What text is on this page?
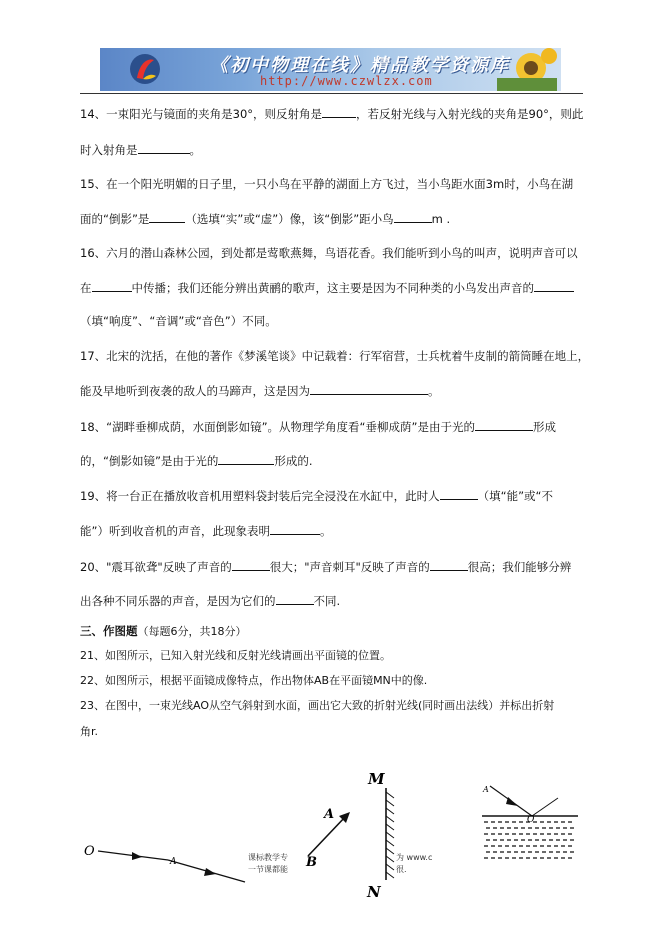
《初中物理在线》精品教学资源库
http://www.czwlzx.com
14、一束阳光与镜面的夹角是30°，则反射角是	，若反射光线与入射光线的夹角是90°，则此
时入射角是	。
15、在一个阳光明媚的日子里，一只小鸟在平静的湖面上方飞过，当小鸟距水面3m时，小鸟在湖
面的“倒影”是	（选填“实”或“虚”）像，该“倒影”距小鸟	m .
16、六月的潜山森林公园，到处都是莺歌燕舞，鸟语花香。我们能听到小鸟的叫声，说明声音可以
在	中传播；我们还能分辨出黄鹂的歌声，这主要是因为不同种类的小鸟发出声音的
（填“响度”、“音调”或“音色”）不同。
17、北宋的沈括，在他的著作《梦溪笔谈》中记载着：行军宿营，士兵枕着牛皮制的箭筒睡在地上，
能及早地听到夜袭的敌人的马蹄声，这是因为	。
18、“湖畔垂柳成荫，水面倒影如镜”。从物理学角度看“垂柳成荫”是由于光的	形成
的，“倒影如镜”是由于光的	形成的.
19、将一台正在播放收音机用塑料袋封装后完全浸没在水缸中，此时人	（填“能”或“不
能”）听到收音机的声音，此现象表明	。
20、"震耳欲聋"反映了声音的	很大；"声音刺耳"反映了声音的	很高；我们能够分辨
出各种不同乐器的声音，是因为它们的	不同.
三、作图题（每题6分，共18分）
21、如图所示，已知入射光线和反射光线请画出平面镜的位置。
22、如图所示，根据平面镜成像特点，作出物体AB在平面镜MN中的像.
23、在图中，一束光线AO从空气斜射到水面，画出它大致的折射光线(同时画出法线）并标出折射
角r.
O
A
M
N
A
B
课标教学专
一节课都能
为 www.c
很.
A
O
